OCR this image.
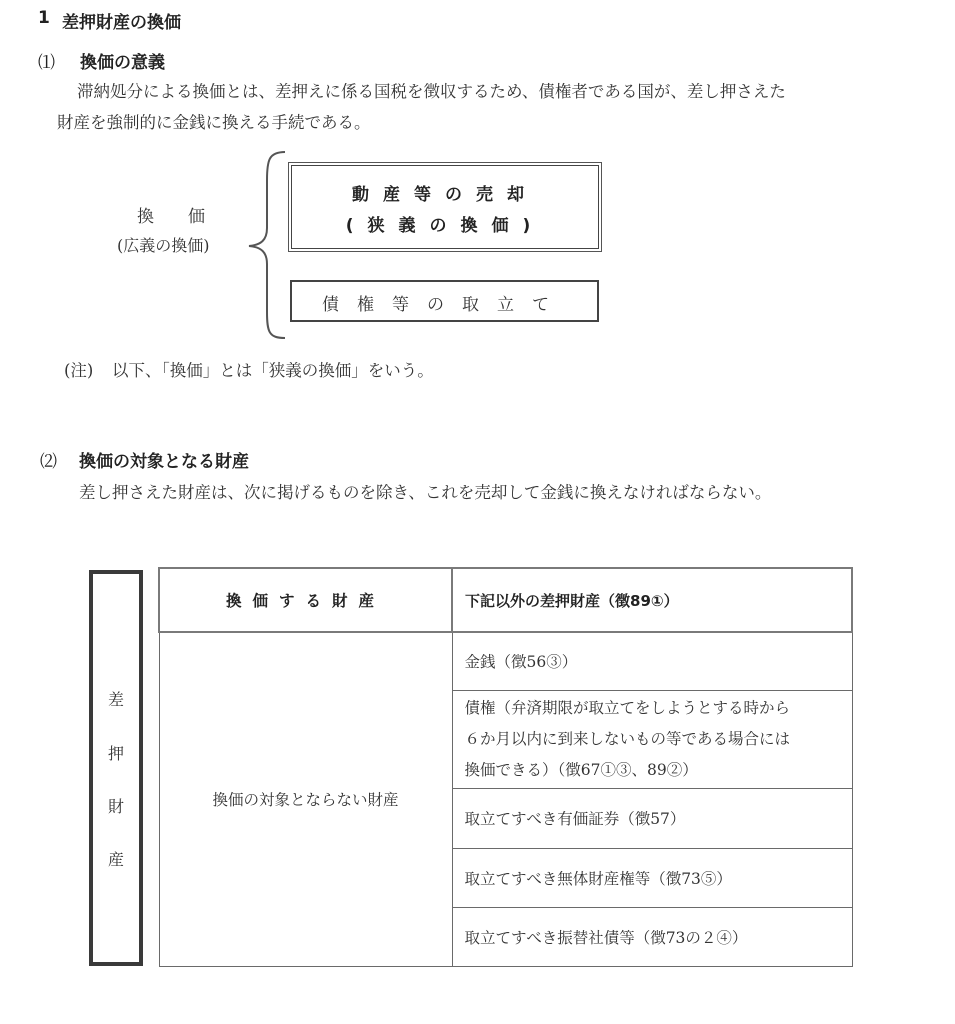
1 差押財産の換価
⑴ 換価の意義
滞納処分による換価とは、差押えに係る国税を徴収するため、債権者である国が、差し押さえた
財産を強制的に金銭に換える手続である。
換　　価
(広義の換価)
動産等の売却
(狭義の換価)
債権等の取立て
(注) 以下、「換価」とは「狭義の換価」をいう。
⑵ 換価の対象となる財産
差し押さえた財産は、次に掲げるものを除き、これを売却して金銭に換えなければならない。
差
押
財
産
換価する財産	下記以外の差押財産（徴89①）
換価の対象とならない財産	金銭（徴56③）

	債権（弁済期限が取立てをしようとする時から
６か月以内に到来しないもの等である場合には
換価できる）（徴67①③、89②）

	取立てすべき有価証券（徴57）
	取立てすべき無体財産権等（徴73⑤）
	取立てすべき振替社債等（徴73の２④）
